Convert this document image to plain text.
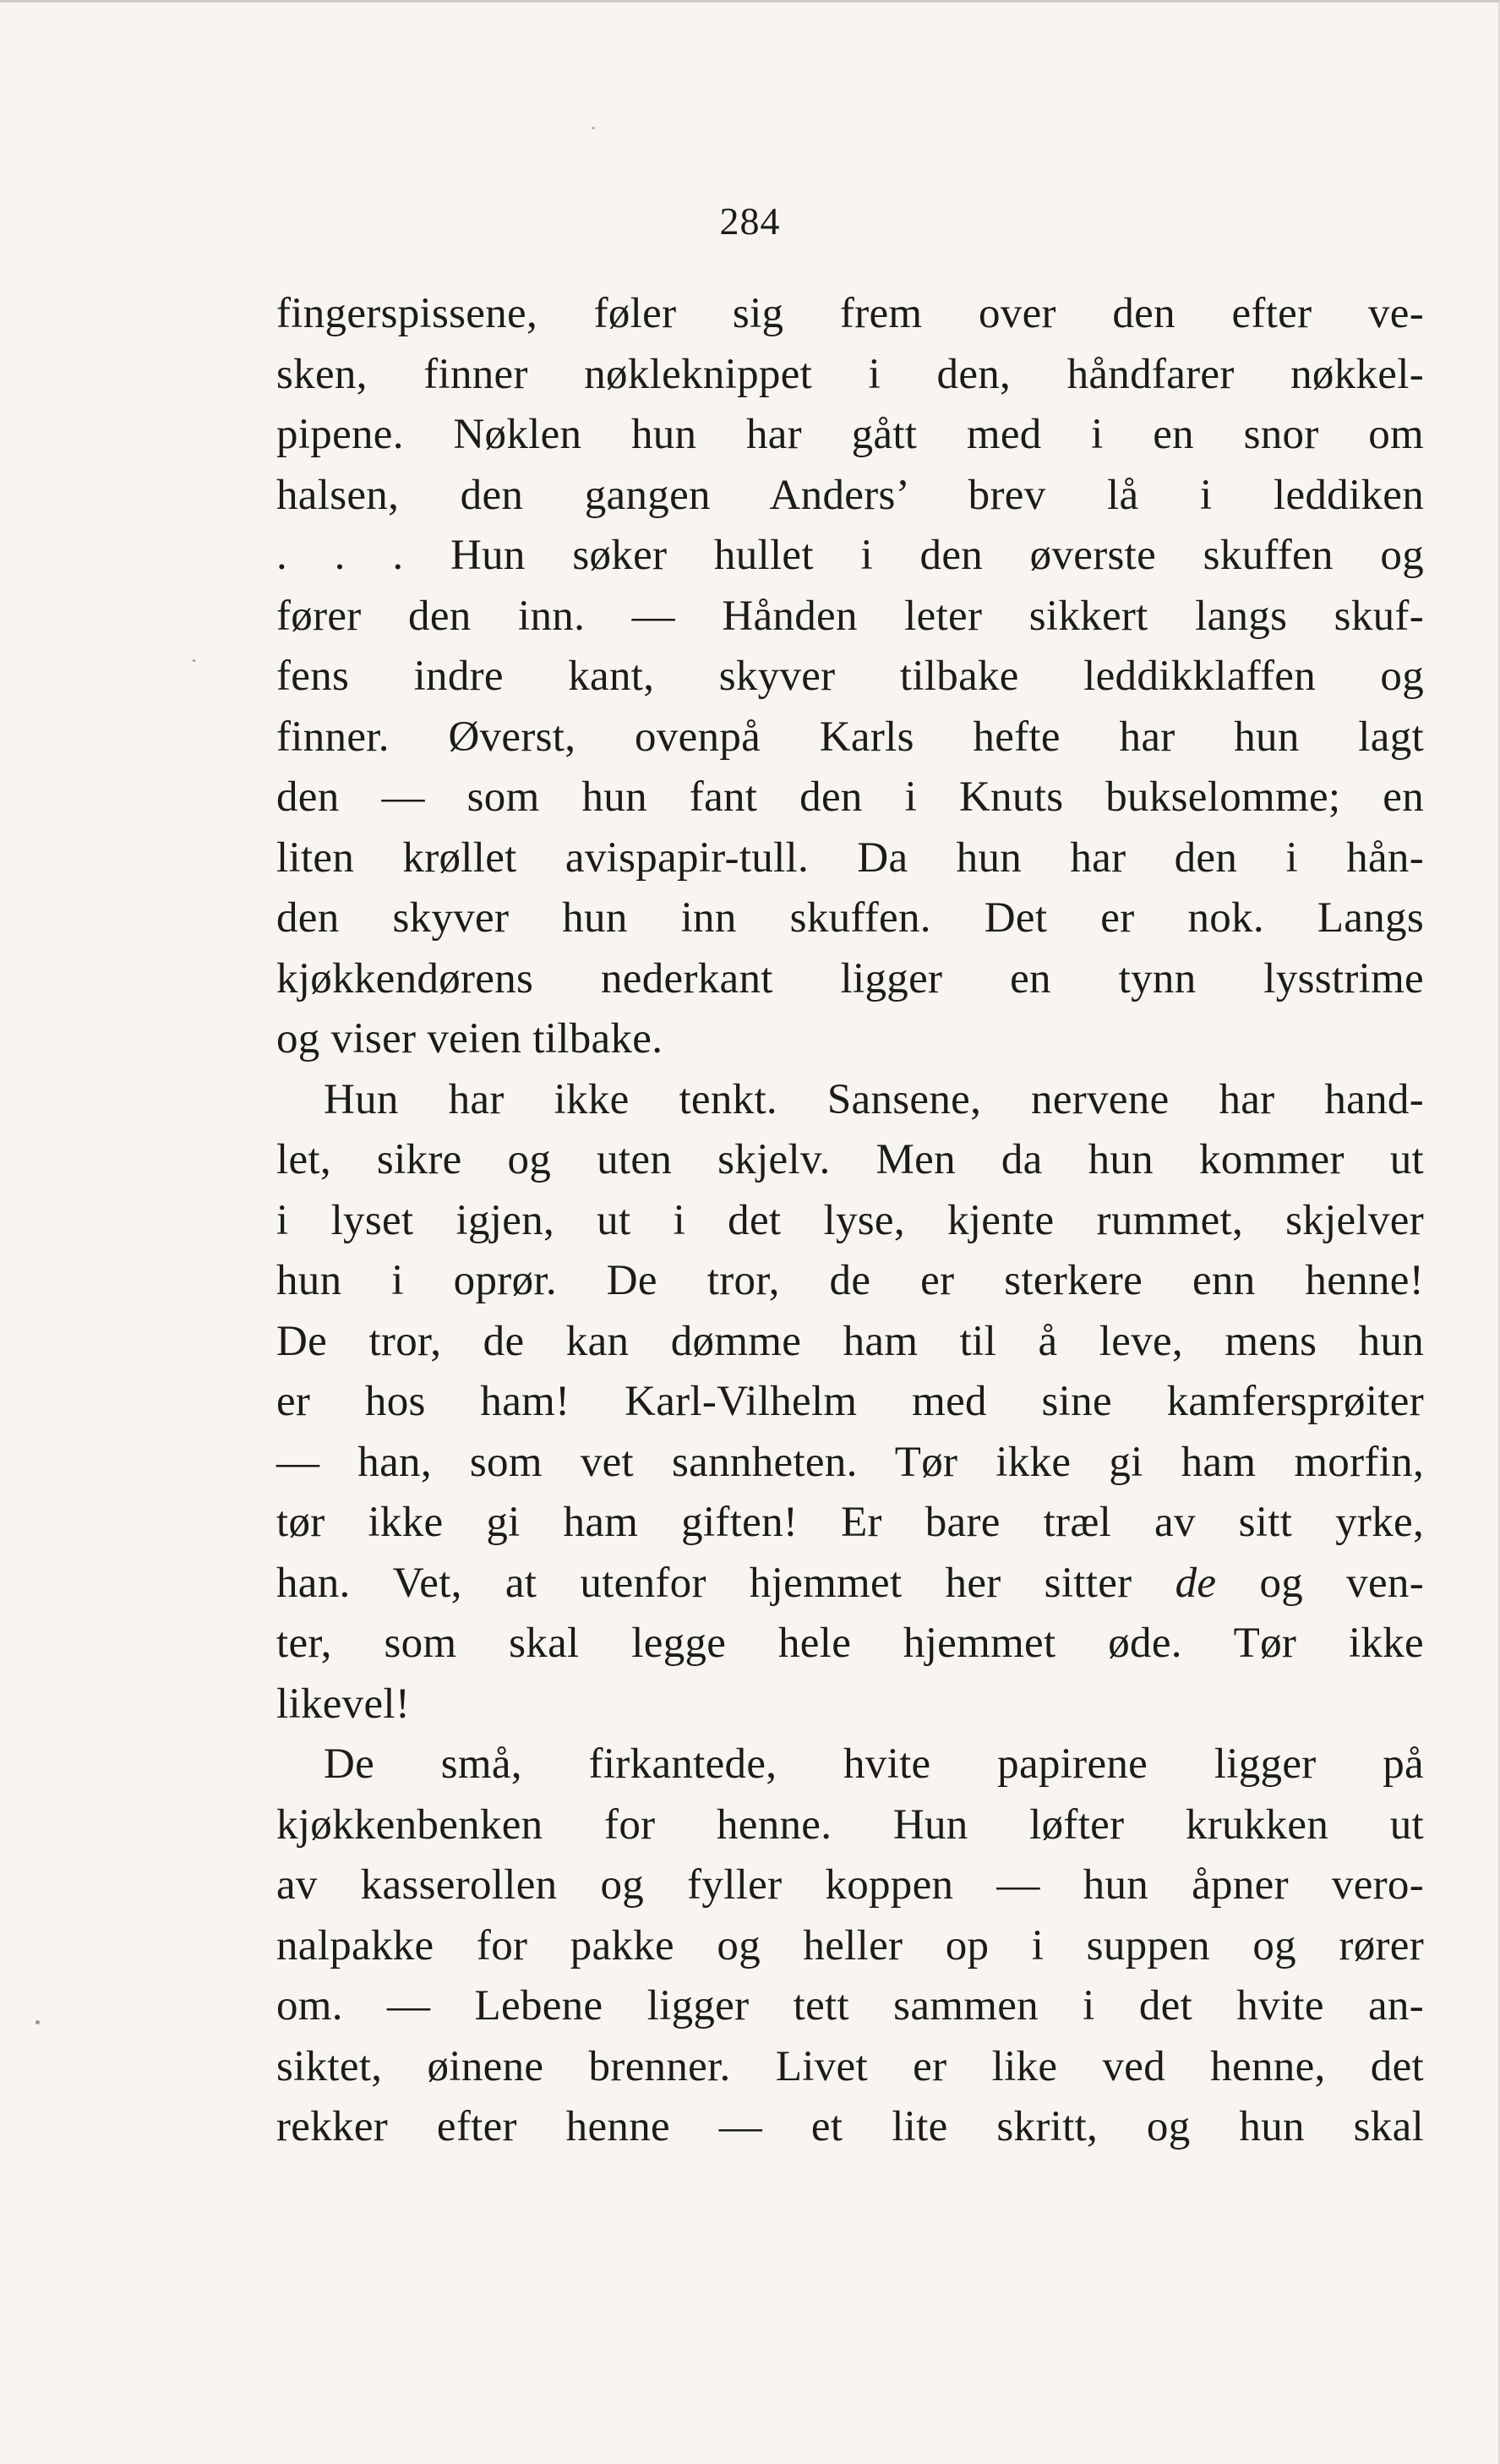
284
fingerspissene, føler sig frem over den efter ve-
sken, finner nøkleknippet i den, håndfarer nøkkel-
pipene. Nøklen hun har gått med i en snor om
halsen, den gangen Anders’ brev lå i leddiken
. . . Hun søker hullet i den øverste skuffen og
fører den inn. — Hånden leter sikkert langs skuf-
fens indre kant, skyver tilbake leddikklaffen og
finner. Øverst, ovenpå Karls hefte har hun lagt
den — som hun fant den i Knuts bukselomme; en
liten krøllet avispapir-tull. Da hun har den i hån-
den skyver hun inn skuffen. Det er nok. Langs
kjøkkendørens nederkant ligger en tynn lysstrime
og viser veien tilbake.
Hun har ikke tenkt. Sansene, nervene har hand-
let, sikre og uten skjelv. Men da hun kommer ut
i lyset igjen, ut i det lyse, kjente rummet, skjelver
hun i oprør. De tror, de er sterkere enn henne!
De tror, de kan dømme ham til å leve, mens hun
er hos ham! Karl-Vilhelm med sine kamfersprøiter
— han, som vet sannheten. Tør ikke gi ham morfin,
tør ikke gi ham giften! Er bare træl av sitt yrke,
han. Vet, at utenfor hjemmet her sitter de og ven-
ter, som skal legge hele hjemmet øde. Tør ikke
likevel!
De små, firkantede, hvite papirene ligger på
kjøkkenbenken for henne. Hun løfter krukken ut
av kasserollen og fyller koppen — hun åpner vero-
nalpakke for pakke og heller op i suppen og rører
om. — Lebene ligger tett sammen i det hvite an-
siktet, øinene brenner. Livet er like ved henne, det
rekker efter henne — et lite skritt, og hun skal
